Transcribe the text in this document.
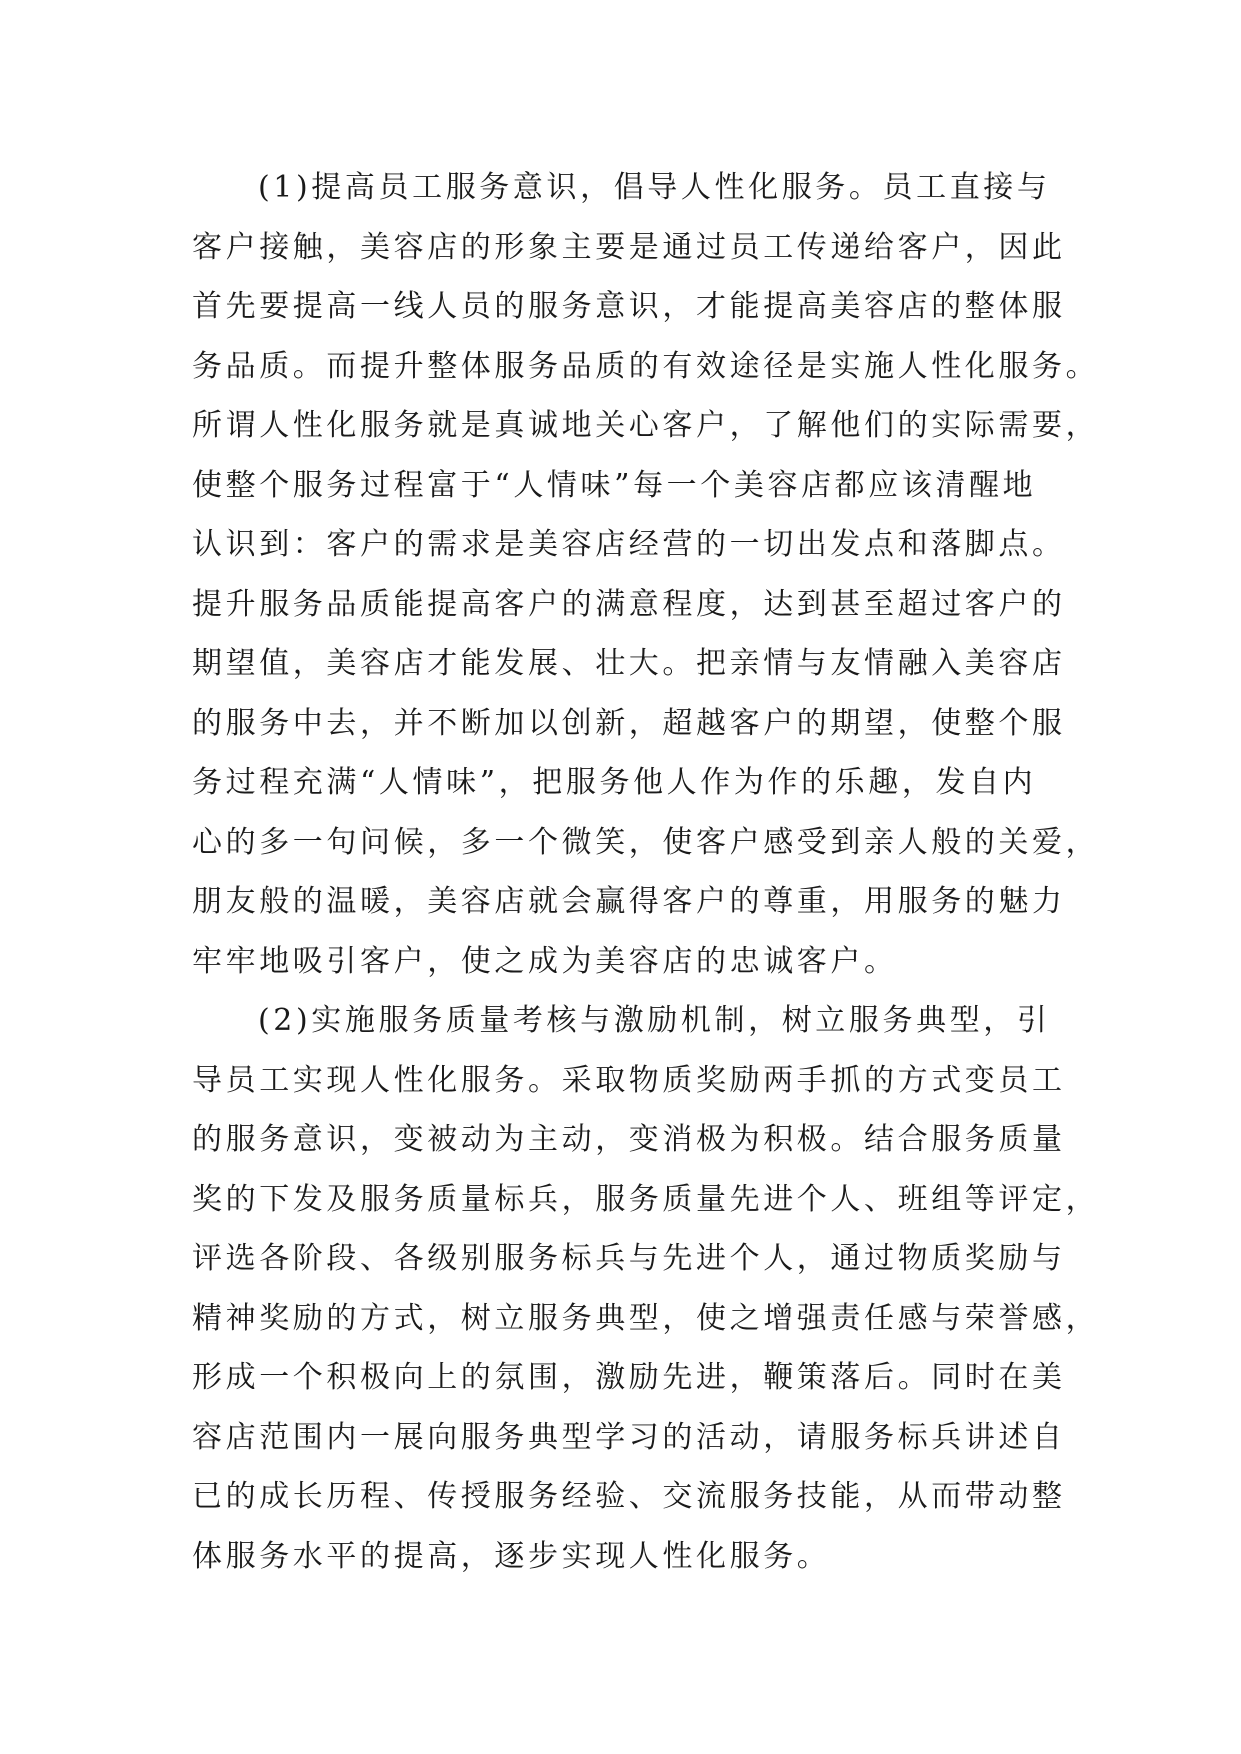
(1)提高员工服务意识，倡导人性化服务。员工直接与
客户接触，美容店的形象主要是通过员工传递给客户，因此
首先要提高一线人员的服务意识，才能提高美容店的整体服
务品质。而提升整体服务品质的有效途径是实施人性化服务。
所谓人性化服务就是真诚地关心客户，了解他们的实际需要，
使整个服务过程富于“人情味”每一个美容店都应该清醒地
认识到：客户的需求是美容店经营的一切出发点和落脚点。
提升服务品质能提高客户的满意程度，达到甚至超过客户的
期望值，美容店才能发展、壮大。把亲情与友情融入美容店
的服务中去，并不断加以创新，超越客户的期望，使整个服
务过程充满“人情味”，把服务他人作为作的乐趣，发自内
心的多一句问候，多一个微笑，使客户感受到亲人般的关爱，
朋友般的温暖，美容店就会赢得客户的尊重，用服务的魅力
牢牢地吸引客户，使之成为美容店的忠诚客户。
(2)实施服务质量考核与激励机制，树立服务典型，引
导员工实现人性化服务。采取物质奖励两手抓的方式变员工
的服务意识，变被动为主动，变消极为积极。结合服务质量
奖的下发及服务质量标兵，服务质量先进个人、班组等评定，
评选各阶段、各级别服务标兵与先进个人，通过物质奖励与
精神奖励的方式，树立服务典型，使之增强责任感与荣誉感，
形成一个积极向上的氛围，激励先进，鞭策落后。同时在美
容店范围内一展向服务典型学习的活动，请服务标兵讲述自
已的成长历程、传授服务经验、交流服务技能，从而带动整
体服务水平的提高，逐步实现人性化服务。
